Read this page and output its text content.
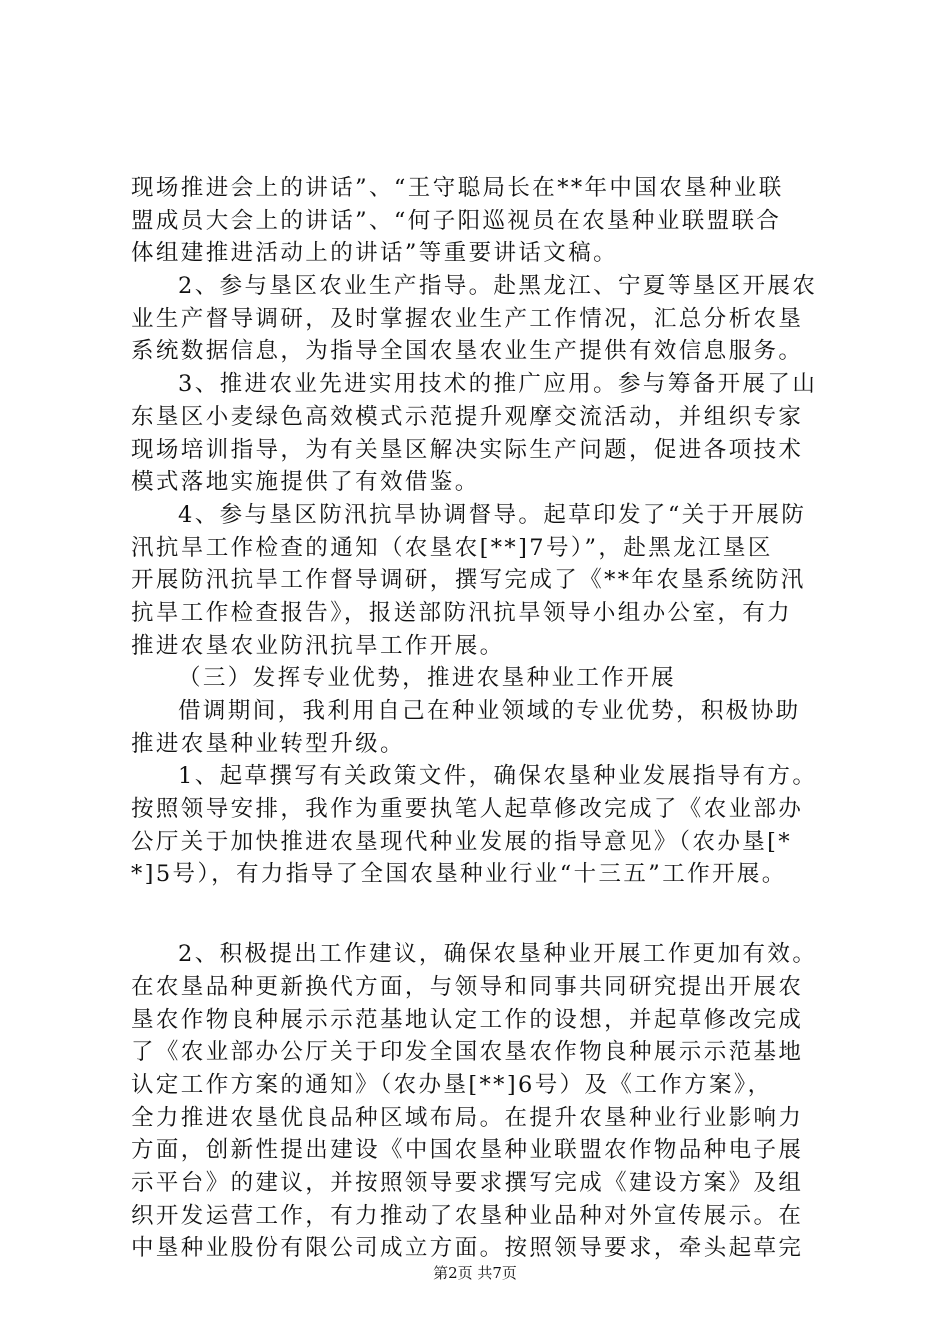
现场推进会上的讲话”、“王守聪局长在**年中国农垦种业联
盟成员大会上的讲话”、“何子阳巡视员在农垦种业联盟联合
体组建推进活动上的讲话”等重要讲话文稿。
2、参与垦区农业生产指导。赴黑龙江、宁夏等垦区开展农
业生产督导调研，及时掌握农业生产工作情况，汇总分析农垦
系统数据信息，为指导全国农垦农业生产提供有效信息服务。
3、推进农业先进实用技术的推广应用。参与筹备开展了山
东垦区小麦绿色高效模式示范提升观摩交流活动，并组织专家
现场培训指导，为有关垦区解决实际生产问题，促进各项技术
模式落地实施提供了有效借鉴。
4、参与垦区防汛抗旱协调督导。起草印发了“关于开展防
汛抗旱工作检查的通知（农垦农[**]7号）”，赴黑龙江垦区
开展防汛抗旱工作督导调研，撰写完成了《**年农垦系统防汛
抗旱工作检查报告》，报送部防汛抗旱领导小组办公室，有力
推进农垦农业防汛抗旱工作开展。
（三）发挥专业优势，推进农垦种业工作开展
借调期间，我利用自己在种业领域的专业优势，积极协助
推进农垦种业转型升级。
1、起草撰写有关政策文件，确保农垦种业发展指导有方。
按照领导安排，我作为重要执笔人起草修改完成了《农业部办
公厅关于加快推进农垦现代种业发展的指导意见》（农办垦[*
*]5号），有力指导了全国农垦种业行业“十三五”工作开展。
2、积极提出工作建议，确保农垦种业开展工作更加有效。
在农垦品种更新换代方面，与领导和同事共同研究提出开展农
垦农作物良种展示示范基地认定工作的设想，并起草修改完成
了《农业部办公厅关于印发全国农垦农作物良种展示示范基地
认定工作方案的通知》（农办垦[**]6号）及《工作方案》，
全力推进农垦优良品种区域布局。在提升农垦种业行业影响力
方面，创新性提出建设《中国农垦种业联盟农作物品种电子展
示平台》的建议，并按照领导要求撰写完成《建设方案》及组
织开发运营工作，有力推动了农垦种业品种对外宣传展示。在
中垦种业股份有限公司成立方面。按照领导要求，牵头起草完
第2页 共7页
